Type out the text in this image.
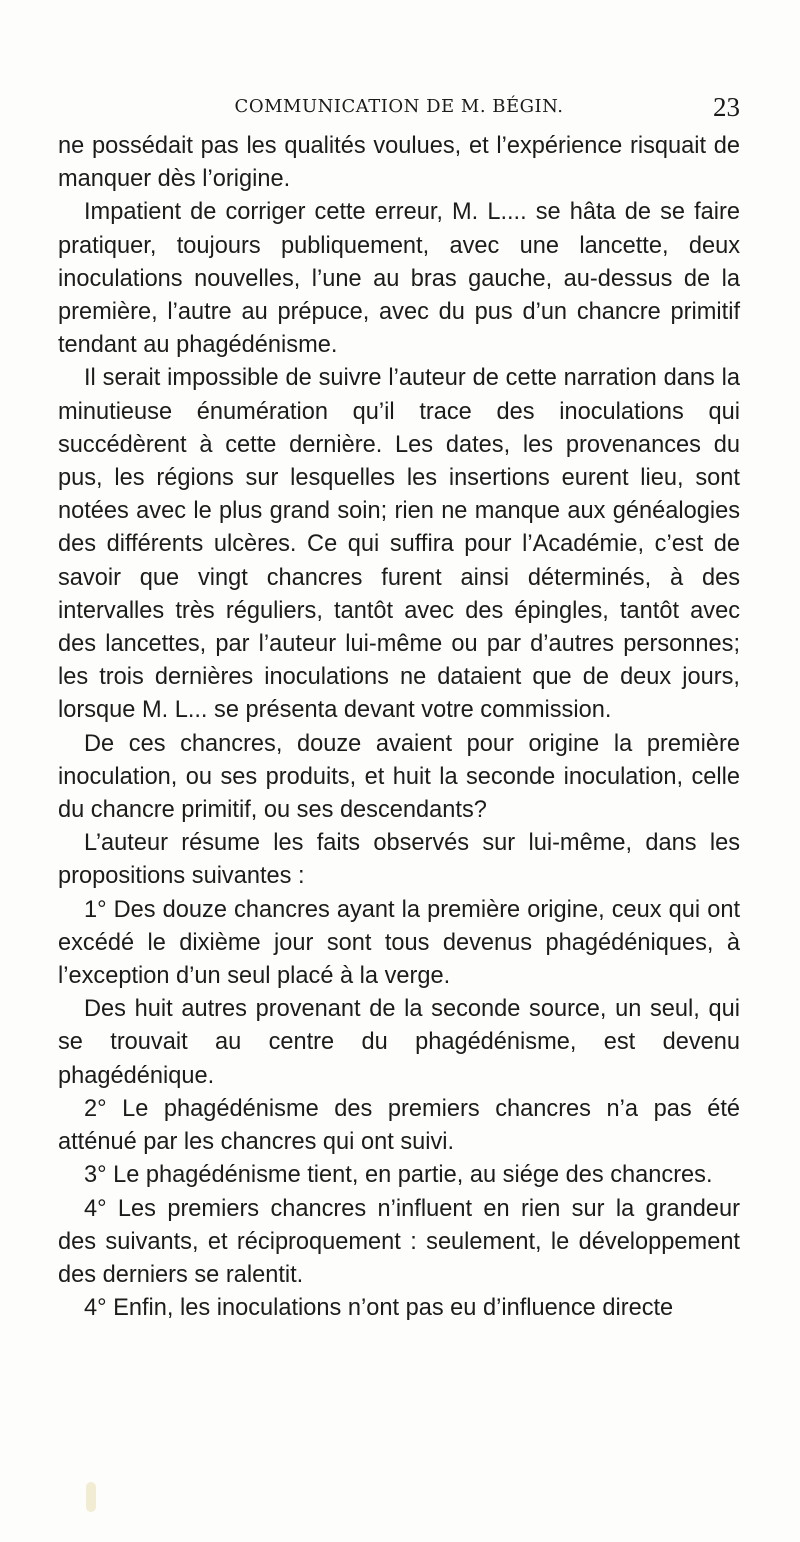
COMMUNICATION DE M. BÉGIN.	23

ne possédait pas les qualités voulues, et l’expérience risquait de manquer dès l’origine.

Impatient de corriger cette erreur, M. L.... se hâta de se faire pratiquer, toujours publiquement, avec une lancette, deux inoculations nouvelles, l’une au bras gauche, au-dessus de la première, l’autre au prépuce, avec du pus d’un chancre primitif tendant au phagédénisme.

Il serait impossible de suivre l’auteur de cette narration dans la minutieuse énumération qu’il trace des inoculations qui succédèrent à cette dernière. Les dates, les provenances du pus, les régions sur lesquelles les insertions eurent lieu, sont notées avec le plus grand soin; rien ne manque aux généalogies des différents ulcères. Ce qui suffira pour l’Académie, c’est de savoir que vingt chancres furent ainsi déterminés, à des intervalles très réguliers, tantôt avec des épingles, tantôt avec des lancettes, par l’auteur lui-même ou par d’autres personnes; les trois dernières inoculations ne dataient que de deux jours, lorsque M. L... se présenta devant votre commission.

De ces chancres, douze avaient pour origine la première inoculation, ou ses produits, et huit la seconde inoculation, celle du chancre primitif, ou ses descendants?

L’auteur résume les faits observés sur lui-même, dans les propositions suivantes :

1° Des douze chancres ayant la première origine, ceux qui ont excédé le dixième jour sont tous devenus phagédéniques, à l’exception d’un seul placé à la verge.

Des huit autres provenant de la seconde source, un seul, qui se trouvait au centre du phagédénisme, est devenu phagédénique.

2° Le phagédénisme des premiers chancres n’a pas été atténué par les chancres qui ont suivi.

3° Le phagédénisme tient, en partie, au siége des chancres.

4° Les premiers chancres n’influent en rien sur la grandeur des suivants, et réciproquement : seulement, le développement des derniers se ralentit.

4° Enfin, les inoculations n’ont pas eu d’influence directe
